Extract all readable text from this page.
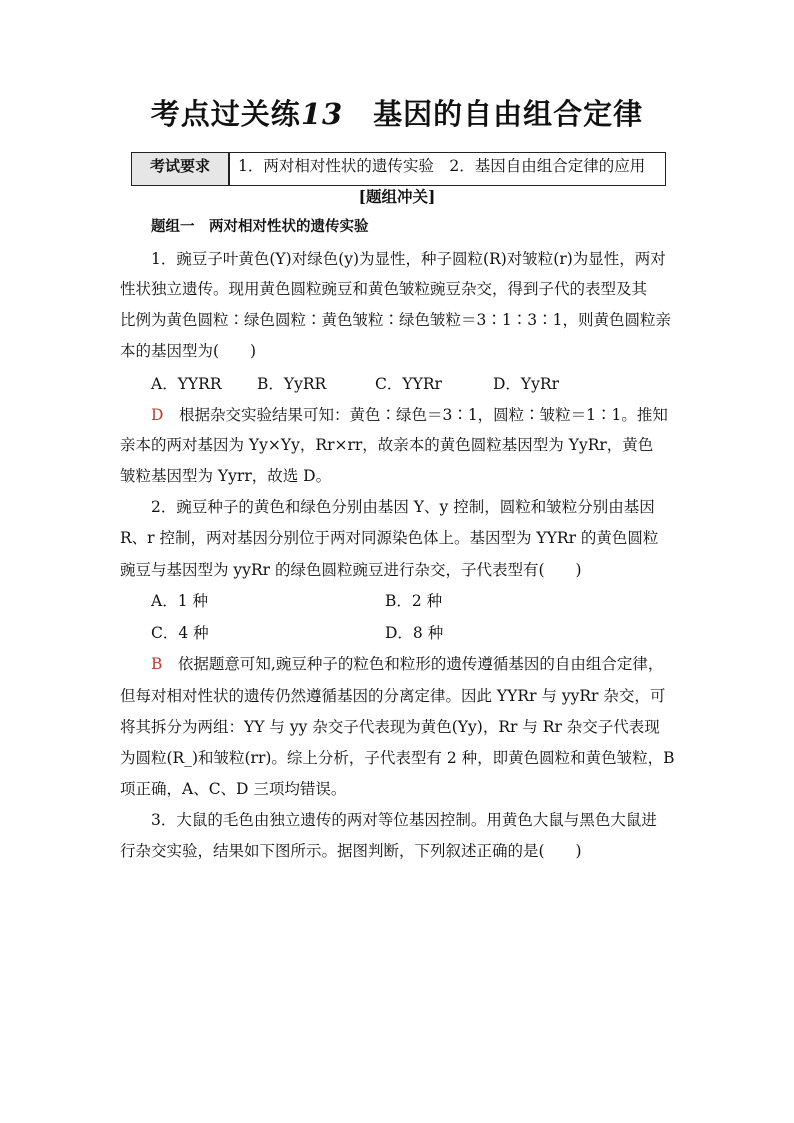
考点过关练13 基因的自由组合定律
考试要求	1．两对相对性状的遗传实验　2．基因自由组合定律的应用
[题组冲关]
题组一　两对相对性状的遗传实验
1．豌豆子叶黄色(Y)对绿色(y)为显性，种子圆粒(R)对皱粒(r)为显性，两对
性状独立遗传。现用黄色圆粒豌豆和黄色皱粒豌豆杂交，得到子代的表型及其
比例为黄色圆粒∶绿色圆粒∶黄色皱粒∶绿色皱粒＝3∶1∶3∶1，则黄色圆粒亲
本的基因型为(　　)
A．YYRR B．YyRR	C．YYRr	D．YyRr
D　 根据杂交实验结果可知：黄色∶绿色＝3∶1，圆粒∶皱粒＝1∶1。推知
亲本的两对基因为 Yy×Yy，Rr×rr，故亲本的黄色圆粒基因型为 YyRr，黄色
皱粒基因型为 Yyrr，故选 D。
2．豌豆种子的黄色和绿色分别由基因 Y、y 控制，圆粒和皱粒分别由基因
R、r 控制，两对基因分别位于两对同源染色体上。基因型为 YYRr 的黄色圆粒
豌豆与基因型为 yyRr 的绿色圆粒豌豆进行杂交，子代表型有(　　)
A．1 种	B．2 种
C．4 种	D．8 种
B　 依据题意可知,豌豆种子的粒色和粒形的遗传遵循基因的自由组合定律，
但每对相对性状的遗传仍然遵循基因的分离定律。因此 YYRr 与 yyRr 杂交，可
将其拆分为两组：YY 与 yy 杂交子代表现为黄色(Yy)，Rr 与 Rr 杂交子代表现
为圆粒(R_)和皱粒(rr)。综上分析，子代表型有 2 种，即黄色圆粒和黄色皱粒，B
项正确，A、C、D 三项均错误。
3．大鼠的毛色由独立遗传的两对等位基因控制。用黄色大鼠与黑色大鼠进
行杂交实验，结果如下图所示。据图判断，下列叙述正确的是(　　)
